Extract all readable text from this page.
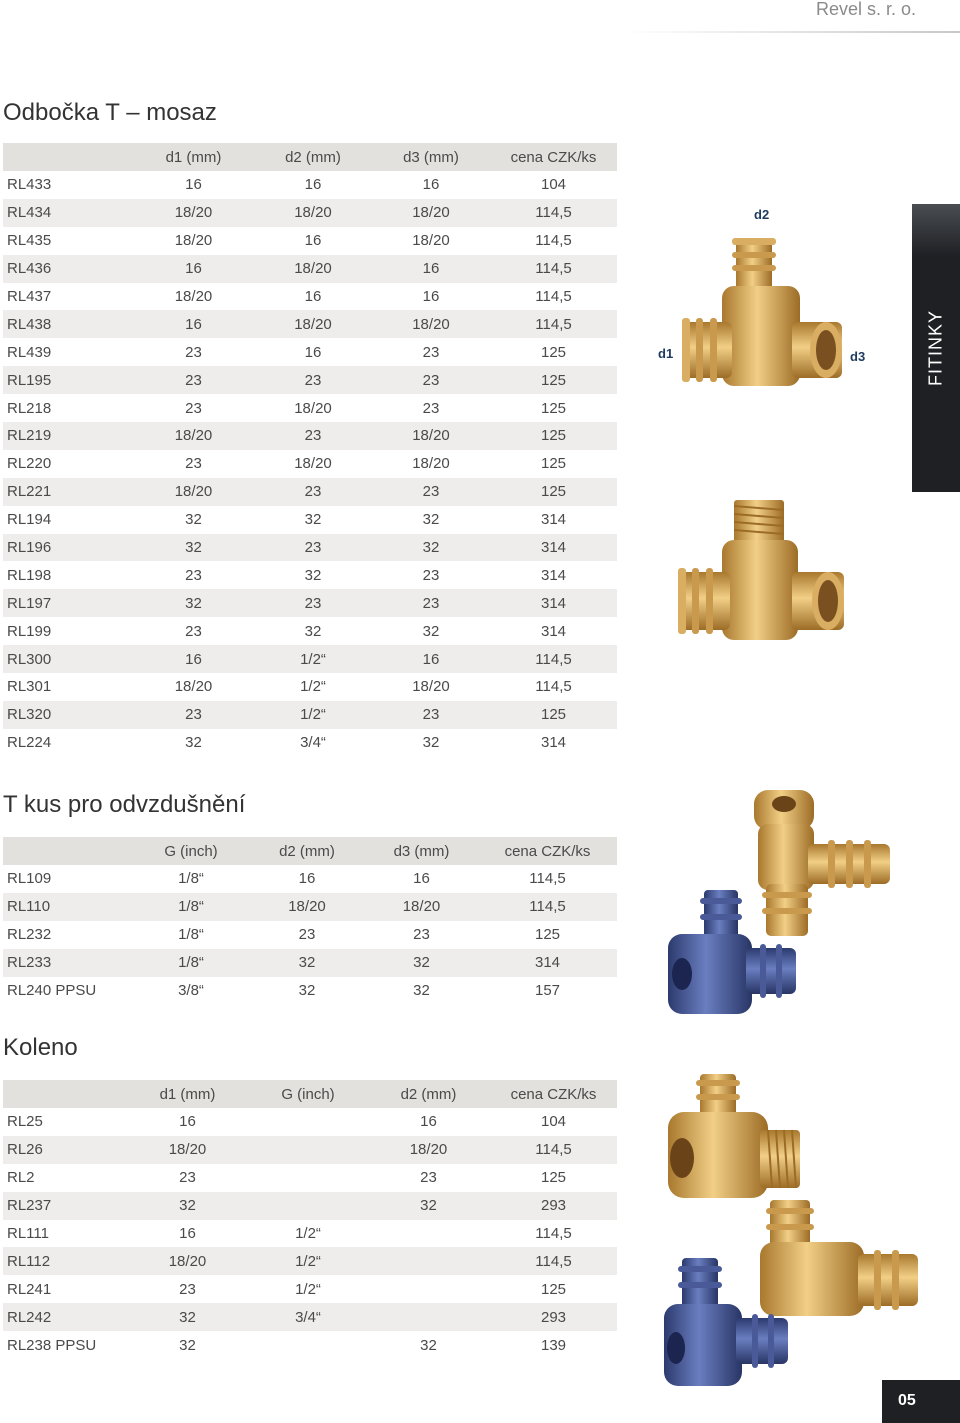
Revel s. r. o.
Odbočka T – mosaz
	d1 (mm)	d2 (mm)	d3 (mm)	cena CZK/ks
RL433	16	16	16	104
RL434	18/20	18/20	18/20	114,5
RL435	18/20	16	18/20	114,5
RL436	16	18/20	16	114,5
RL437	18/20	16	16	114,5
RL438	16	18/20	18/20	114,5
RL439	23	16	23	125
RL195	23	23	23	125
RL218	23	18/20	23	125
RL219	18/20	23	18/20	125
RL220	23	18/20	18/20	125
RL221	18/20	23	23	125
RL194	32	32	32	314
RL196	32	23	32	314
RL198	23	32	23	314
RL197	32	23	23	314
RL199	23	32	32	314
RL300	16	1/2“	16	114,5
RL301	18/20	1/2“	18/20	114,5
RL320	23	1/2“	23	125
RL224	32	3/4“	32	314
T kus pro odvzdušnění
	G (inch)	d2 (mm)	d3 (mm)	cena CZK/ks
RL109	1/8“	16	16	114,5
RL110	1/8“	18/20	18/20	114,5
RL232	1/8“	23	23	125
RL233	1/8“	32	32	314
RL240 PPSU	3/8“	32	32	157
Koleno
	d1 (mm)	G (inch)	d2 (mm)	cena CZK/ks
RL25	16		16	104
RL26	18/20		18/20	114,5
RL2	23		23	125
RL237	32		32	293
RL111	16	1/2“		114,5
RL112	18/20	1/2“		114,5
RL241	23	1/2“		125
RL242	32	3/4“		293
RL238 PPSU	32		32	139
FITINKY
05
d2
d1	d3
